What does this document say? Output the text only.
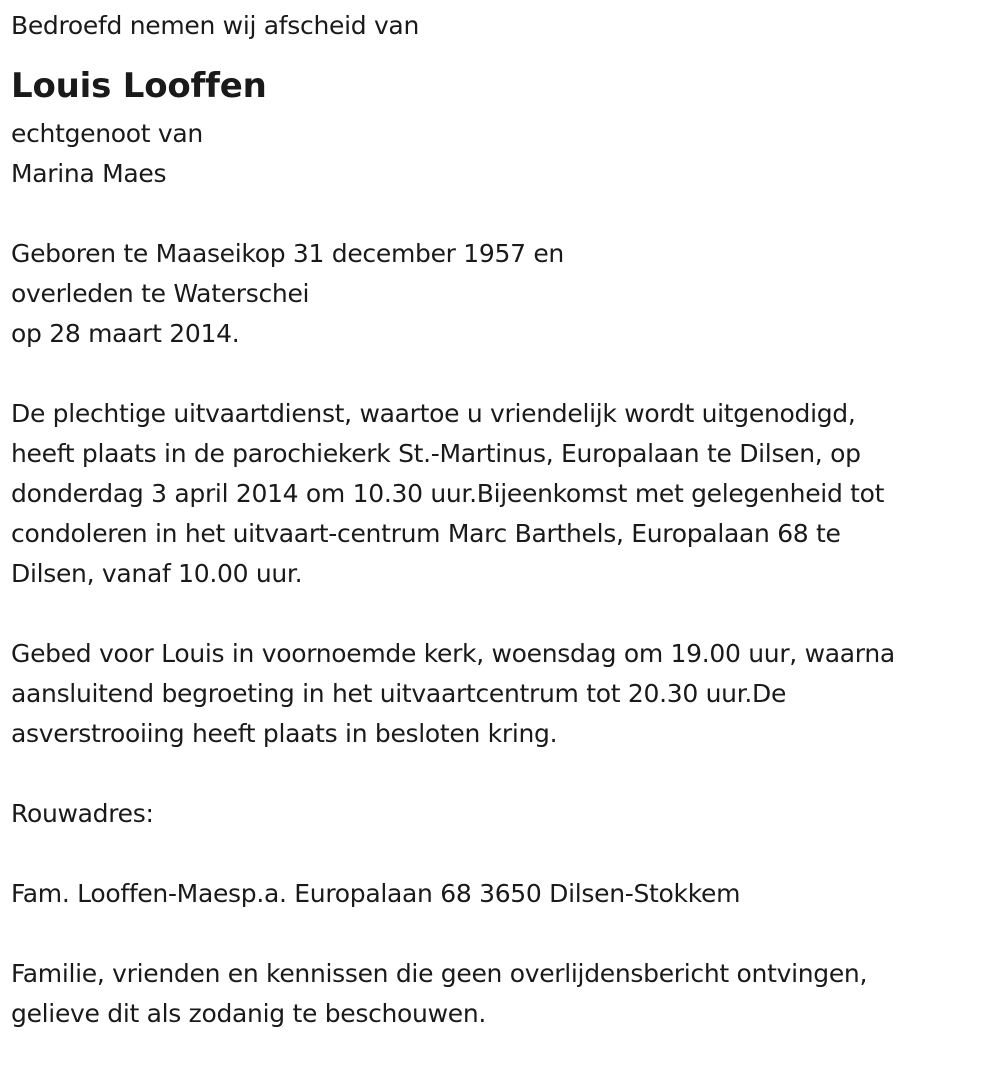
Bedroefd nemen wij afscheid van
Louis Looffen
echtgenoot van
Marina Maes
Geboren te Maaseikop 31 december 1957 en
overleden te Waterschei
op 28 maart 2014.
De plechtige uitvaartdienst, waartoe u vriendelijk wordt uitgenodigd,
heeft plaats in de parochiekerk St.-Martinus, Europalaan te Dilsen, op
donderdag 3 april 2014 om 10.30 uur.Bijeenkomst met gelegenheid tot
condoleren in het uitvaart-centrum Marc Barthels, Europalaan 68 te
Dilsen, vanaf 10.00 uur.
Gebed voor Louis in voornoemde kerk, woensdag om 19.00 uur, waarna
aansluitend begroeting in het uitvaartcentrum tot 20.30 uur.De
asverstrooiing heeft plaats in besloten kring.
Rouwadres:
Fam. Looffen-Maesp.a. Europalaan 68 3650 Dilsen-Stokkem
Familie, vrienden en kennissen die geen overlijdensbericht ontvingen,
gelieve dit als zodanig te beschouwen.
